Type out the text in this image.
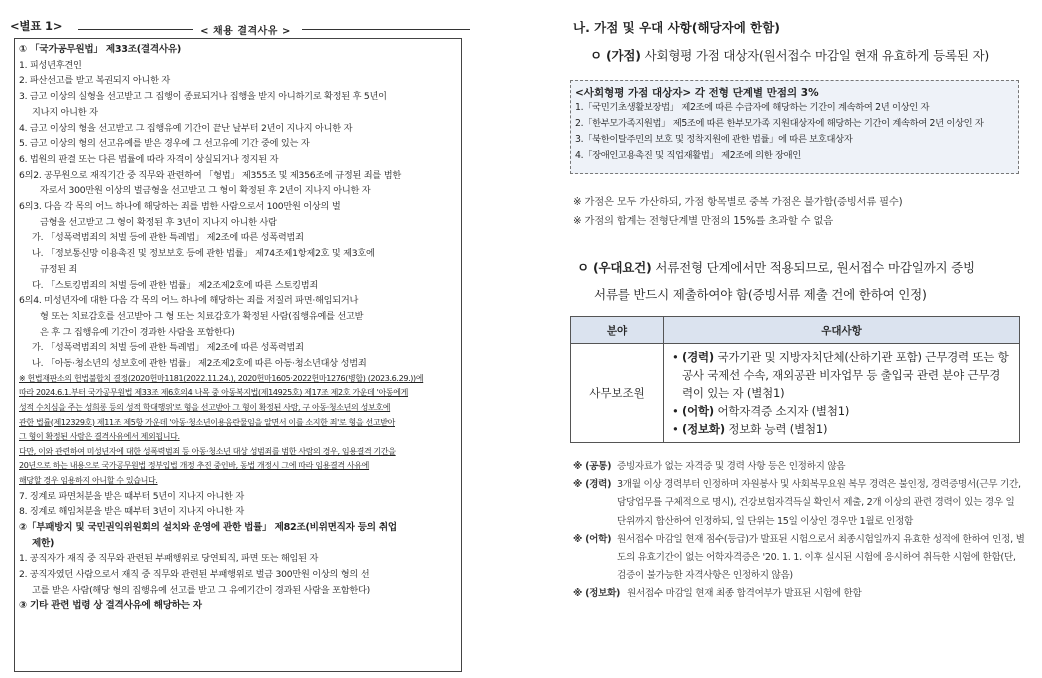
<별표 1>	< 채용 결격사유 >
① 「국가공무원법」 제33조(결격사유)
1. 피성년후견인
2. 파산선고를 받고 복권되지 아니한 자
3. 금고 이상의 실형을 선고받고 그 집행이 종료되거나 집행을 받지 아니하기로 확정된 후 5년이
지나지 아니한 자
4. 금고 이상의 형을 선고받고 그 집행유예 기간이 끝난 날부터 2년이 지나지 아니한 자
5. 금고 이상의 형의 선고유예를 받은 경우에 그 선고유예 기간 중에 있는 자
6. 법원의 판결 또는 다른 법률에 따라 자격이 상실되거나 정지된 자
6의2. 공무원으로 재직기간 중 직무와 관련하여 「형법」 제355조 및 제356조에 규정된 죄를 범한
자로서 300만원 이상의 벌금형을 선고받고 그 형이 확정된 후 2년이 지나지 아니한 자
6의3. 다음 각 목의 어느 하나에 해당하는 죄를 범한 사람으로서 100만원 이상의 벌
금형을 선고받고 그 형이 확정된 후 3년이 지나지 아니한 사람
가. 「성폭력범죄의 처벌 등에 관한 특례법」 제2조에 따른 성폭력범죄
나. 「정보통신망 이용촉진 및 정보보호 등에 관한 법률」 제74조제1항제2호 및 제3호에
규정된 죄
다. 「스토킹범죄의 처벌 등에 관한 법률」 제2조제2호에 따른 스토킹범죄
6의4. 미성년자에 대한 다음 각 목의 어느 하나에 해당하는 죄를 저질러 파면·해임되거나
형 또는 치료감호를 선고받아 그 형 또는 치료감호가 확정된 사람(집행유예를 선고받
은 후 그 집행유예 기간이 경과한 사람을 포함한다)
가. 「성폭력범죄의 처벌 등에 관한 특례법」 제2조에 따른 성폭력범죄
나. 「아동·청소년의 성보호에 관한 법률」 제2조제2호에 따른 아동·청소년대상 성범죄
※ 헌법재판소의 헌법불합치 결정(2020헌마1181(2022.11.24.), 2020헌마1605·2022헌마1276(병합) (2023.6.29.))에
따라 2024.6.1.부터 국가공무원법 제33조 제6호의4 나목 중 아동복지법(제14925호) 제17조 제2호 가운데 '아동에게
성적 수치심을 주는 성희롱 등의 성적 학대행위'로 형을 선고받아 그 형이 확정된 사람, 구 아동·청소년의 성보호에
관한 법률(제12329호) 제11조 제5항 가운데 '아동·청소년이용음란물임을 알면서 이를 소지한 죄'로 형을 선고받아
그 형이 확정된 사람은 결격사유에서 제외됩니다.
다만, 이와 관련하여 미성년자에 대한 성폭력범죄 등 아동·청소년 대상 성범죄를 범한 사람의 경우, 임용결격 기간을
20년으로 하는 내용으로 국가공무원법 정부입법 개정 추진 중인바, 동법 개정시 그에 따라 임용결격 사유에
해당할 경우 임용하지 아니할 수 있습니다.
7. 징계로 파면처분을 받은 때부터 5년이 지나지 아니한 자
8. 징계로 해임처분을 받은 때부터 3년이 지나지 아니한 자
②「부패방지 및 국민권익위원회의 설치와 운영에 관한 법률」 제82조(비위면직자 등의 취업
제한)
1. 공직자가 재직 중 직무와 관련된 부패행위로 당연퇴직, 파면 또는 해임된 자
2. 공직자였던 사람으로서 재직 중 직무와 관련된 부패행위로 벌금 300만원 이상의 형의 선
고를 받은 사람(해당 형의 집행유예 선고를 받고 그 유예기간이 경과된 사람을 포함한다)
③ 기타 관련 법령 상 결격사유에 해당하는 자
나. 가점 및 우대 사항(해당자에 한함)
ㅇ (가점) 사회형평 가점 대상자(원서접수 마감일 현재 유효하게 등록된 자)
<사회형평 가점 대상자> 각 전형 단계별 만점의 3%
1.「국민기초생활보장법」 제2조에 따른 수급자에 해당하는 기간이 계속하여 2년 이상인 자
2.「한부모가족지원법」 제5조에 따른 한부모가족 지원대상자에 해당하는 기간이 계속하여 2년 이상인 자
3.「북한이탈주민의 보호 및 정착지원에 관한 법률」에 따른 보호대상자
4.「장애인고용촉진 및 직업재활법」 제2조에 의한 장애인
※ 가점은 모두 가산하되, 가점 항목별로 중복 가점은 불가함(증빙서류 필수)
※ 가점의 합계는 전형단계별 만점의 15%를 초과할 수 없음
ㅇ (우대요건) 서류전형 단계에서만 적용되므로, 원서접수 마감일까지 증빙
서류를 반드시 제출하여야 함(증빙서류 제출 건에 한하여 인정)
분야	우대사항
사무보조원	• (경력) 국가기관 및 지방자치단체(산하기관 포함) 근무경력 또는 항공사 국제선 수속, 재외공관 비자업무 등 출입국 관련 분야 근무경력이 있는 자 (별첨1)
• (어학) 어학자격증 소지자 (별첨1)
• (정보화) 정보화 능력 (별첨1)
※ (공통) 증빙자료가 없는 자격증 및 경력 사항 등은 인정하지 않음
※ (경력) 3개월 이상 경력부터 인정하며 자원봉사 및 사회복무요원 복무 경력은 불인정, 경력증명서(근무 기간, 담당업무를 구체적으로 명시), 건강보험자격득실 확인서 제출, 2개 이상의 관련 경력이 있는 경우 일 단위까지 합산하여 인정하되, 일 단위는 15일 이상인 경우만 1월로 인정함
※ (어학) 원서접수 마감일 현재 점수(등급)가 발표된 시험으로서 최종시험일까지 유효한 성적에 한하여 인정, 별도의 유효기간이 없는 어학자격증은 '20. 1. 1. 이후 실시된 시험에 응시하여 취득한 시험에 한함(단, 검증이 불가능한 자격사항은 인정하지 않음)
※ (정보화) 원서접수 마감일 현재 최종 합격여부가 발표된 시험에 한함
